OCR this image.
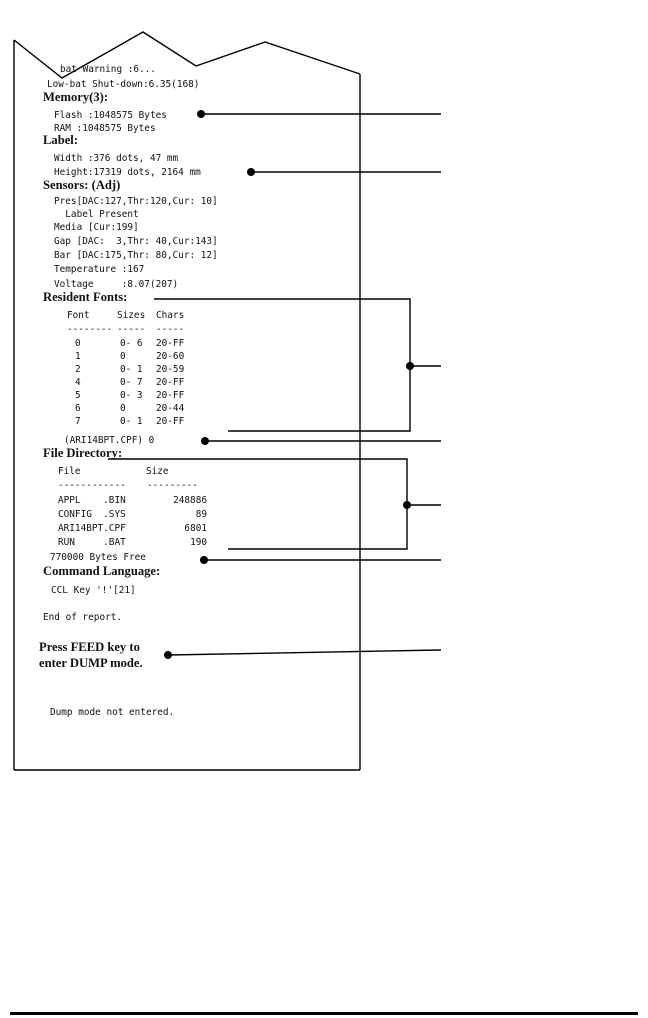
bat Warning :6...
Low-bat Shut-down:6.35(168)
Memory(3):
Flash :1048575 Bytes
RAM :1048575 Bytes
Label:
Width :376 dots, 47 mm
Height:17319 dots, 2164 mm
Sensors: (Adj)
Pres[DAC:127,Thr:120,Cur: 10]
Label Present
Media [Cur:199]
Gap [DAC:  3,Thr: 40,Cur:143]
Bar [DAC:175,Thr: 80,Cur: 12]
Temperature :167
Voltage     :8.07(207)
Resident Fonts:
Font	Sizes Chars
-------- ----- -----
0	0- 6 20-FF
1	0	20-60
2	0- 1 20-59
4	0- 7 20-FF
5	0- 3 20-FF
6	0	20-44
7	0- 1 20-FF
(ARI14BPT.CPF) 0
File Directory:
File	Size
------------ ---------
APPL    .BIN	248886
CONFIG  .SYS	89
ARI14BPT.CPF	6801
RUN     .BAT	190
770000 Bytes Free
Command Language:
CCL Key '!'[21]
End of report.
Press FEED key to
enter DUMP mode.
Dump mode not entered.
